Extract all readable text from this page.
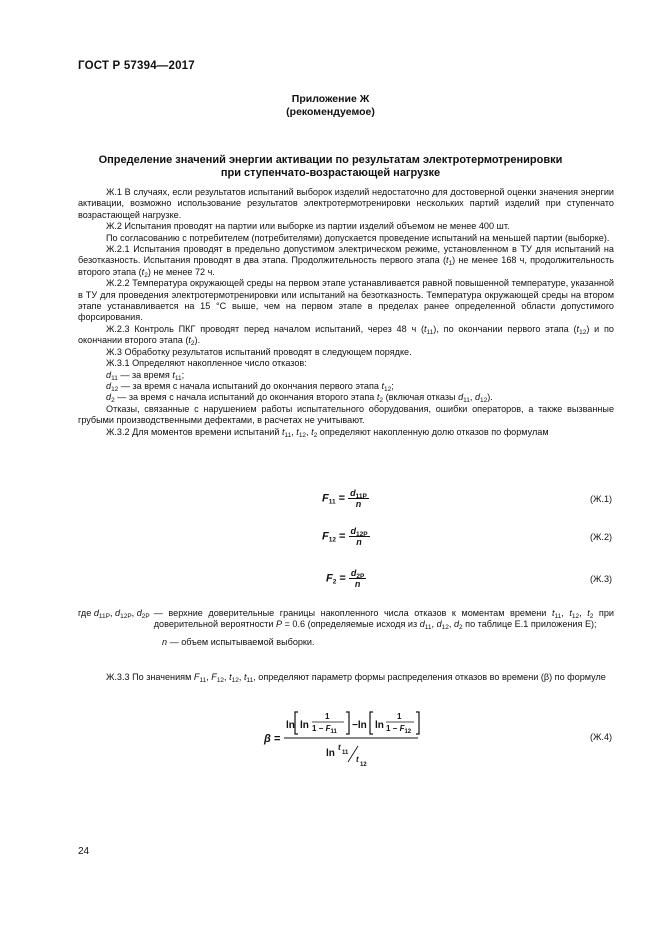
ГОСТ Р 57394—2017
Приложение Ж
(рекомендуемое)
Определение значений энергии активации по результатам электротермотренировки
при ступенчато-возрастающей нагрузке

Ж.1 В случаях, если результатов испытаний выборок изделий недостаточно для достоверной оценки значения энергии активации, возможно использование результатов электротермотренировки нескольких партий изделий при ступенчато возрастающей нагрузке.

Ж.2 Испытания проводят на партии или выборке из партии изделий объемом не менее 400 шт.

По согласованию с потребителем (потребителями) допускается проведение испытаний на меньшей партии (выборке).

Ж.2.1 Испытания проводят в предельно допустимом электрическом режиме, установленном в ТУ для испытаний на безотказность. Испытания проводят в два этапа. Продолжительность первого этапа $(t_1)$ не менее 168 ч, продолжительность второго этапа $(t_2)$ не менее 72 ч.

Ж.2.2 Температура окружающей среды на первом этапе устанавливается равной повышенной температуре, указанной в ТУ для проведения электротермотренировки или испытаний на безотказность. Температура окружающей среды на втором этапе устанавливается на 15 °С выше, чем на первом этапе в пределах ранее определенной области допустимого форсирования.

Ж.2.3 Контроль ПКГ проводят перед началом испытаний, через 48 ч $(t_{11})$, по окончании первого этапа $(t_{12})$ и по окончании второго этапа $(t_2)$.

Ж.3 Обработку результатов испытаний проводят в следующем порядке.

Ж.3.1 Определяют накопленное число отказов:

$d_{11}$ — за время $t_{11}$;

$d_{12}$ — за время с начала испытаний до окончания первого этапа $t_{12}$;

$d_2$ — за время с начала испытаний до окончания второго этапа $t_2$ (включая отказы $d_{11}$, $d_{12}$).

Отказы, связанные с нарушением работы испытательного оборудования, ошибки операторов, а также вызванные грубыми производственными дефектами, в расчетах не учитывают.

Ж.3.2 Для моментов времени испытаний $t_{11}$, $t_{12}$, $t_2$ определяют накопленную долю отказов по формулам

$F_{11} = \frac{d_{11P}}{n}$	(Ж.1)
$F_{12} = \frac{d_{12P}}{n}$	(Ж.2)
$F_2 = \frac{d_{2P}}{n}$	(Ж.3)
где $d_{11P}$, $d_{12P}$, $d_{2P}$ — верхние доверительные границы накопленного числа отказов к моментам времени $t_{11}$, $t_{12}$, $t_2$ при доверительной вероятности P = 0.6 (определяемые исходя из $d_{11}$, $d_{12}$, $d_2$ по таблице Е.1 приложения Е);
n — объем испытываемой выборки.

Ж.3.3 По значениям $F_{11}$, $F_{12}$, $t_{12}$, $t_{11}$, определяют параметр формы распределения отказов во времени (β) по формуле

β =
ln ln
1
$1 - F_{11}$
−ln ln
1
$1 - F_{12}$
ln
t
11
t
12
(Ж.4)
24
